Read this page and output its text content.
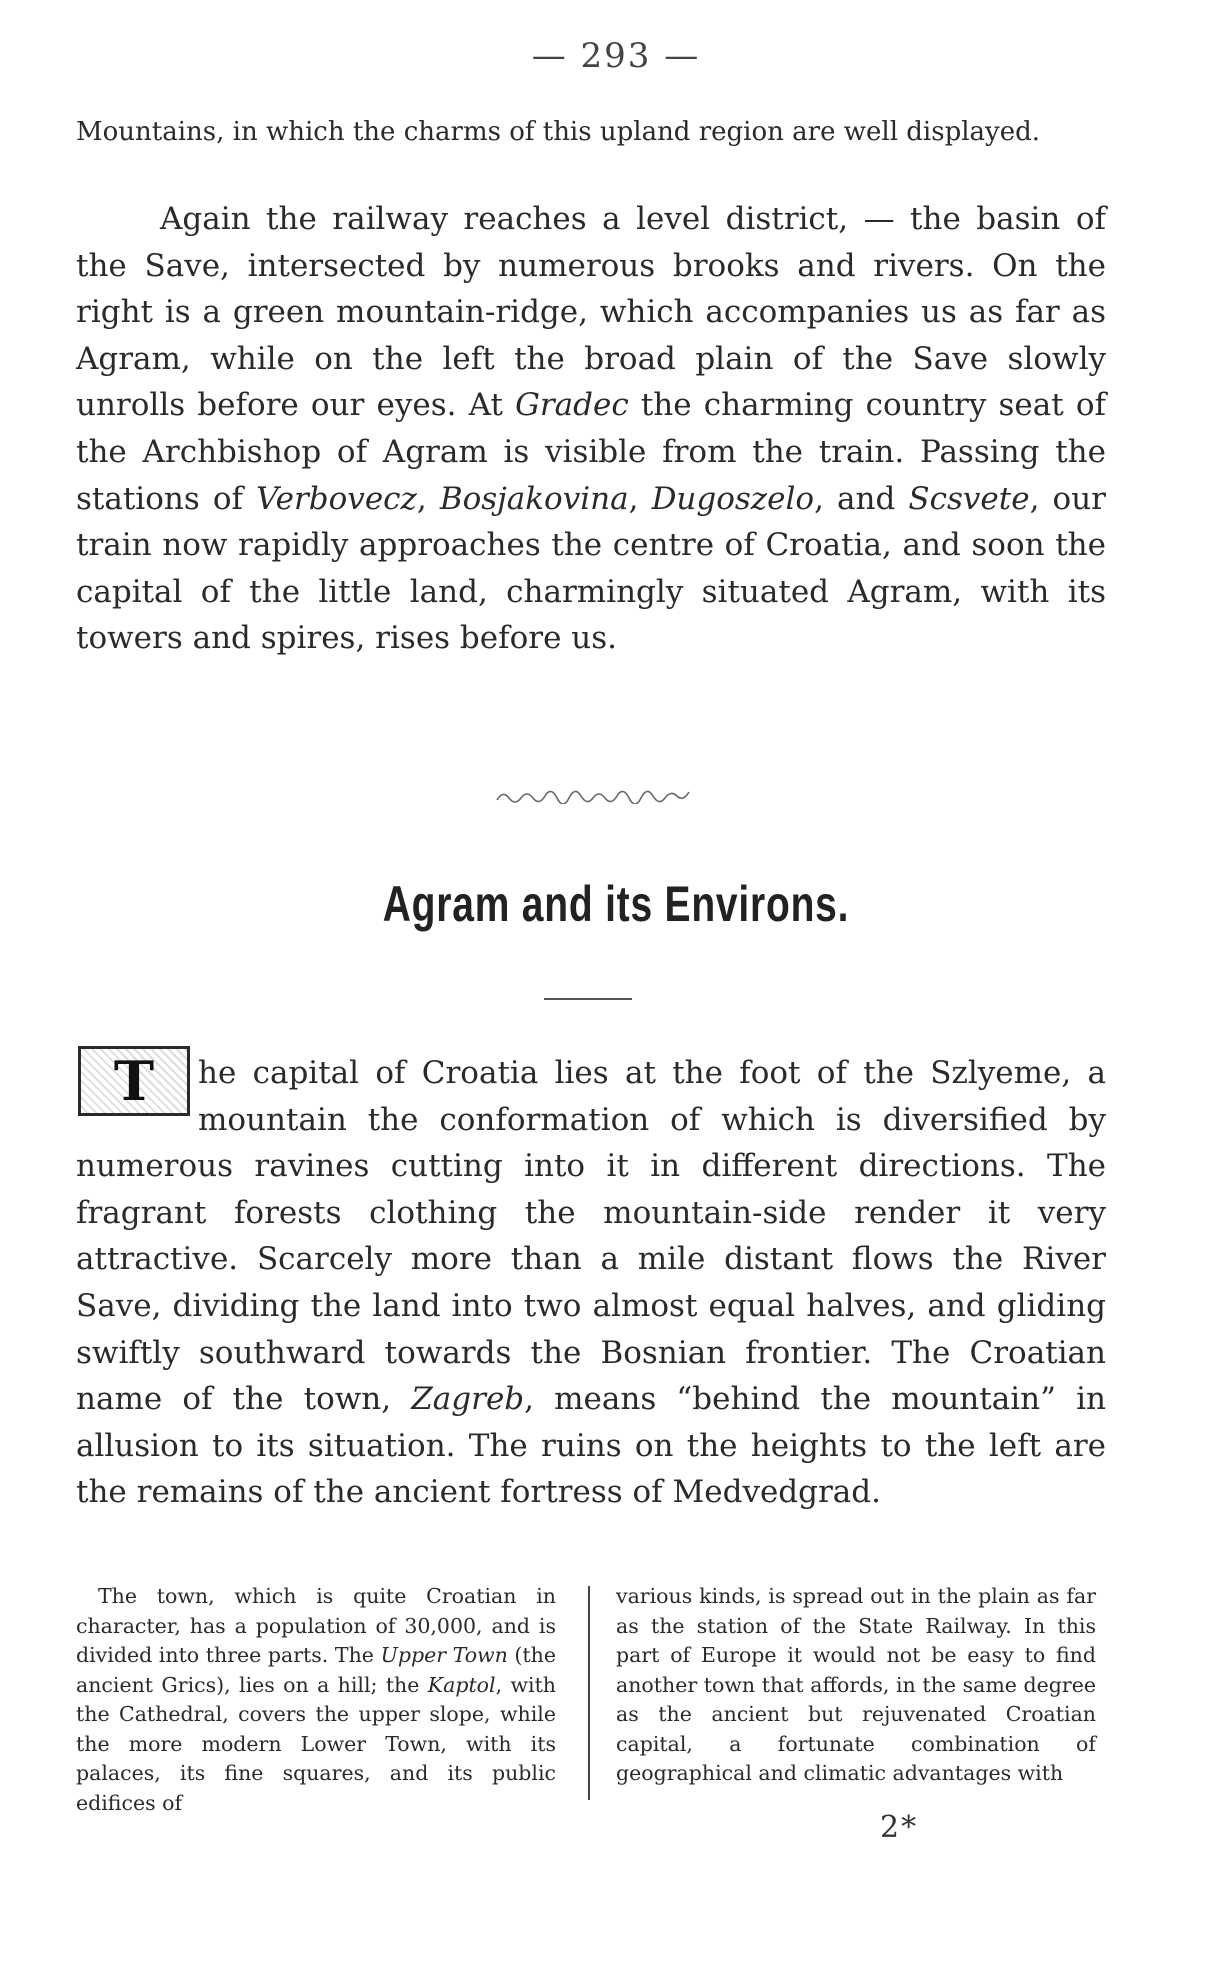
— 293 —
Mountains, in which the charms of this upland region are well displayed.
Again the railway reaches a level district, — the basin of the Save, intersected by numerous brooks and rivers. On the right is a green mountain-ridge, which accompanies us as far as Agram, while on the left the broad plain of the Save slowly unrolls before our eyes. At Gradec the charming country seat of the Archbishop of Agram is visible from the train. Passing the stations of Verbovecz, Bosjakovina, Dugoszelo, and Scsvete, our train now rapidly approaches the centre of Croatia, and soon the capital of the little land, charmingly situated Agram, with its towers and spires, rises before us.
Agram and its Environs.
he capital of Croatia lies at the foot of the Szlyeme, a mountain the conformation of which is diversified by numerous ravines cutting into it in different directions. The fragrant forests clothing the mountain-side render it very attractive. Scarcely more than a mile distant flows the River Save, dividing the land into two almost equal halves, and gliding swiftly southward towards the Bosnian frontier. The Croatian name of the town, Zagreb, means “behind the mountain” in allusion to its situation. The ruins on the heights to the left are the remains of the ancient fortress of Medvedgrad.
T
The town, which is quite Croatian in character, has a population of 30,000, and is divided into three parts. The Upper Town (the ancient Grics), lies on a hill; the Kaptol, with the Cathedral, covers the upper slope, while the more modern Lower Town, with its palaces, its fine squares, and its public edifices of
various kinds, is spread out in the plain as far as the station of the State Railway. In this part of Europe it would not be easy to find another town that affords, in the same degree as the ancient but rejuvenated Croatian capital, a fortunate combination of geographical and climatic advantages with
2*
